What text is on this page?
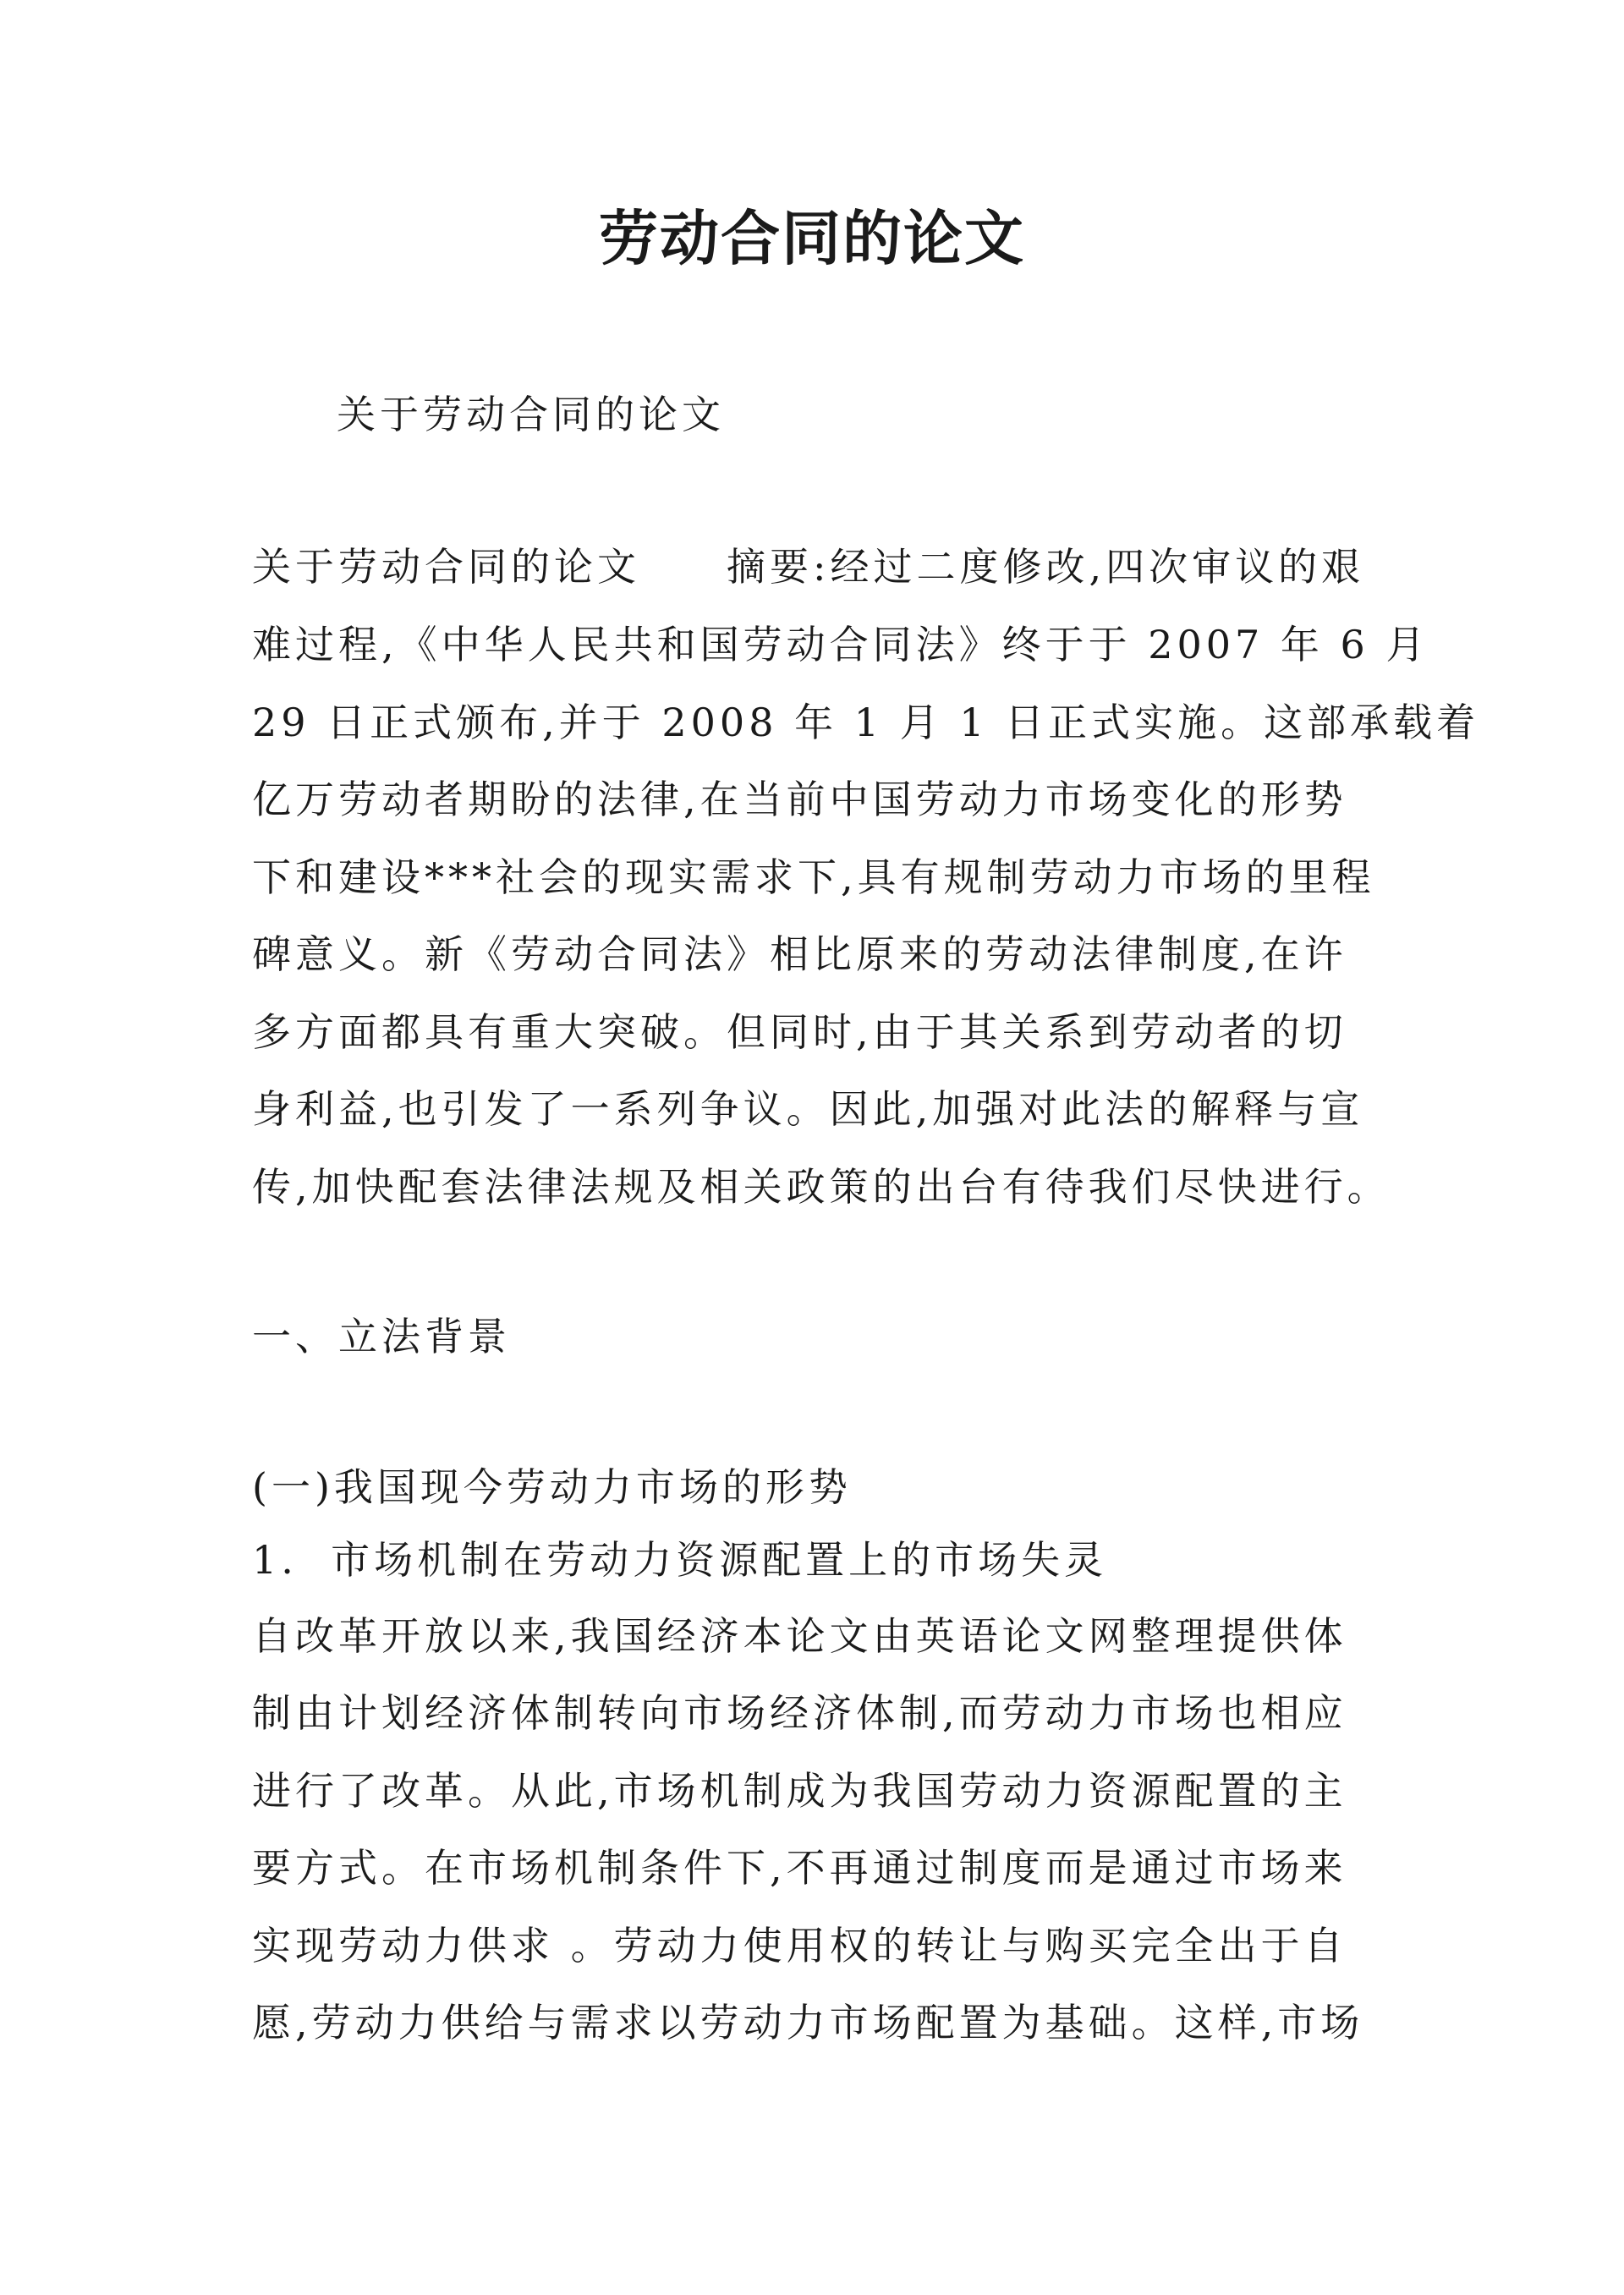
劳动合同的论文
关于劳动合同的论文
关于劳动合同的论文　　摘要:经过二度修改,四次审议的艰
难过程,《中华人民共和国劳动合同法》终于于 2007 年 6 月
29 日正式颁布,并于 2008 年 1 月 1 日正式实施。这部承载着
亿万劳动者期盼的法律,在当前中国劳动力市场变化的形势
下和建设***社会的现实需求下,具有规制劳动力市场的里程
碑意义。新《劳动合同法》相比原来的劳动法律制度,在许
多方面都具有重大突破。但同时,由于其关系到劳动者的切
身利益,也引发了一系列争议。因此,加强对此法的解释与宣
传,加快配套法律法规及相关政策的出台有待我们尽快进行。
一、立法背景
(一)我国现今劳动力市场的形势
1.  市场机制在劳动力资源配置上的市场失灵
自改革开放以来,我国经济本论文由英语论文网整理提供体
制由计划经济体制转向市场经济体制,而劳动力市场也相应
进行了改革。从此,市场机制成为我国劳动力资源配置的主
要方式。在市场机制条件下,不再通过制度而是通过市场来
实现劳动力供求 。劳动力使用权的转让与购买完全出于自
愿,劳动力供给与需求以劳动力市场配置为基础。这样,市场
